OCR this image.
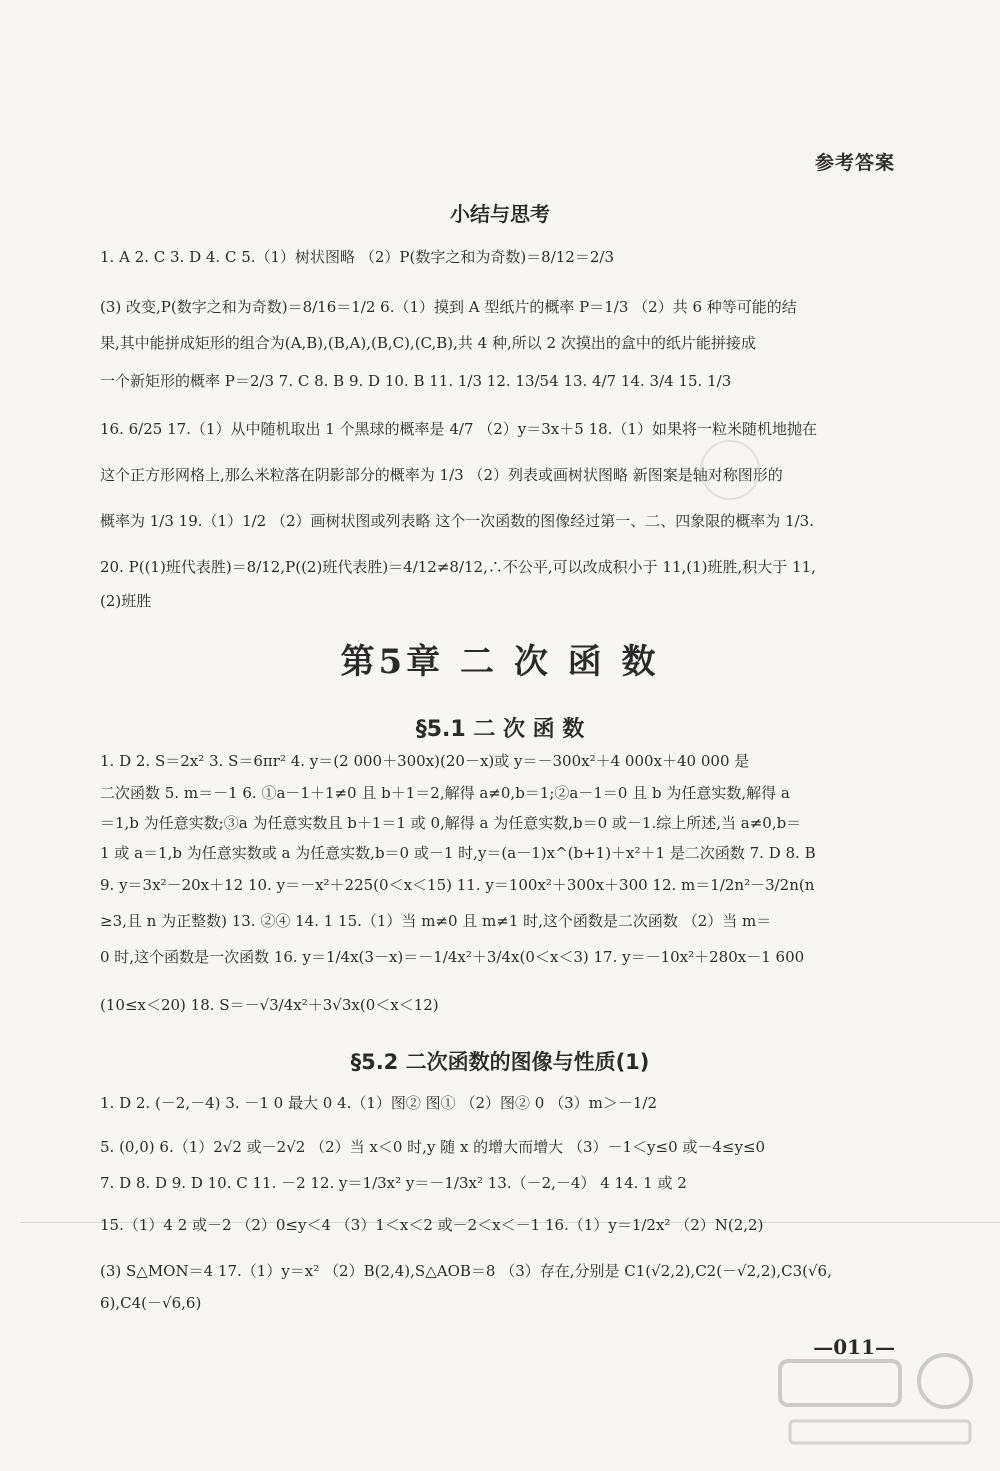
参考答案
小结与思考
1. A 2. C 3. D 4. C 5.（1）树状图略 （2）P(数字之和为奇数)＝8/12＝2/3
(3) 改变,P(数字之和为奇数)＝8/16＝1/2 6.（1）摸到 A 型纸片的概率 P＝1/3 （2）共 6 种等可能的结
果,其中能拼成矩形的组合为(A,B),(B,A),(B,C),(C,B),共 4 种,所以 2 次摸出的盒中的纸片能拼接成
一个新矩形的概率 P＝2/3 7. C 8. B 9. D 10. B 11. 1/3 12. 13/54 13. 4/7 14. 3/4 15. 1/3
16. 6/25 17.（1）从中随机取出 1 个黑球的概率是 4/7 （2）y＝3x＋5 18.（1）如果将一粒米随机地抛在
这个正方形网格上,那么米粒落在阴影部分的概率为 1/3 （2）列表或画树状图略 新图案是轴对称图形的
概率为 1/3 19.（1）1/2 （2）画树状图或列表略 这个一次函数的图像经过第一、二、四象限的概率为 1/3.
20. P((1)班代表胜)＝8/12,P((2)班代表胜)＝4/12≠8/12,∴不公平,可以改成积小于 11,(1)班胜,积大于 11,
(2)班胜
第5章 二 次 函 数
§5.1 二 次 函 数
1. D 2. S＝2x² 3. S＝6πr² 4. y＝(2 000＋300x)(20－x)或 y＝－300x²＋4 000x＋40 000 是
二次函数 5. m＝－1 6. ①a－1＋1≠0 且 b＋1＝2,解得 a≠0,b＝1;②a－1＝0 且 b 为任意实数,解得 a
＝1,b 为任意实数;③a 为任意实数且 b＋1＝1 或 0,解得 a 为任意实数,b＝0 或－1.综上所述,当 a≠0,b＝
1 或 a＝1,b 为任意实数或 a 为任意实数,b＝0 或－1 时,y＝(a－1)x^(b+1)＋x²＋1 是二次函数 7. D 8. B
9. y＝3x²－20x＋12 10. y＝－x²＋225(0＜x＜15) 11. y＝100x²＋300x＋300 12. m＝1/2n²－3/2n(n
≥3,且 n 为正整数) 13. ②④ 14. 1 15.（1）当 m≠0 且 m≠1 时,这个函数是二次函数 （2）当 m＝
0 时,这个函数是一次函数 16. y＝1/4x(3－x)＝－1/4x²＋3/4x(0＜x＜3) 17. y＝－10x²＋280x－1 600
(10≤x＜20) 18. S＝－√3/4x²＋3√3x(0＜x＜12)
§5.2 二次函数的图像与性质(1)
1. D 2. (－2,－4) 3. －1 0 最大 0 4.（1）图② 图① （2）图② 0 （3）m＞－1/2
5. (0,0) 6.（1）2√2 或－2√2 （2）当 x＜0 时,y 随 x 的增大而增大 （3）－1＜y≤0 或－4≤y≤0
7. D 8. D 9. D 10. C 11. －2 12. y＝1/3x² y＝－1/3x² 13.（－2,－4） 4 14. 1 或 2
15.（1）4 2 或－2 （2）0≤y＜4 （3）1＜x＜2 或－2＜x＜－1 16.（1）y＝1/2x² （2）N(2,2)
(3) S△MON＝4 17.（1）y＝x² （2）B(2,4),S△AOB＝8 （3）存在,分别是 C1(√2,2),C2(－√2,2),C3(√6,
6),C4(－√6,6)
—011—
